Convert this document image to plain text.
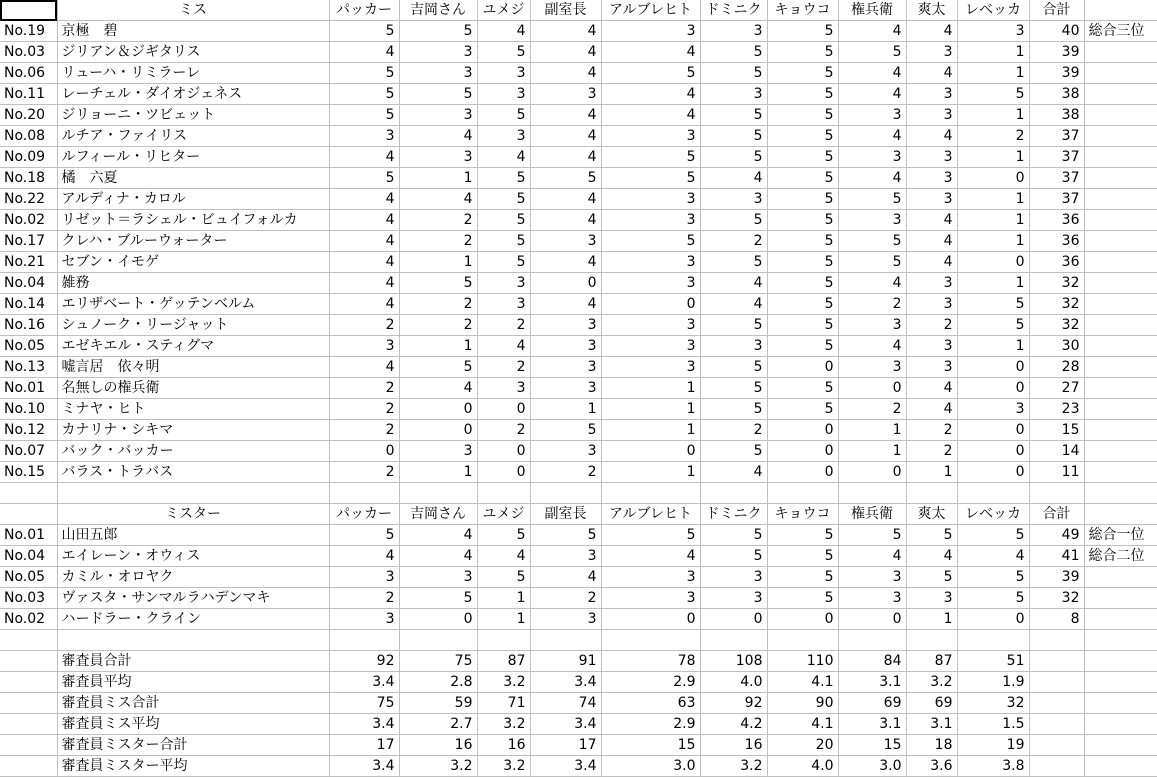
	ミス	パッカー	吉岡さん	ユメジ	副室長	アルブレヒト	ドミニク	キョウコ	権兵衛	爽太	レベッカ	合計	
No.19	京極　碧	5	5	4	4	3	3	5	4	4	3	40	総合三位
No.03	ジリアン＆ジギタリス	4	3	5	4	4	5	5	5	3	1	39	
No.06	リューハ・リミラーレ	5	3	3	4	5	5	5	4	4	1	39	
No.11	レーチェル・ダイオジェネス	5	5	3	3	4	3	5	4	3	5	38	
No.20	ジリョーニ・ツビェット	5	3	5	4	4	5	5	3	3	1	38	
No.08	ルチア・ファイリス	3	4	3	4	3	5	5	4	4	2	37	
No.09	ルフィール・リヒター	4	3	4	4	5	5	5	3	3	1	37	
No.18	橘　六夏	5	1	5	5	5	4	5	4	3	0	37	
No.22	アルディナ・カロル	4	4	5	4	3	3	5	5	3	1	37	
No.02	リゼット＝ラシェル・ビュイフォルカ	4	2	5	4	3	5	5	3	4	1	36	
No.17	クレハ・ブルーウォーター	4	2	5	3	5	2	5	5	4	1	36	
No.21	セブン・イモゲ	4	1	5	4	3	5	5	5	4	0	36	
No.04	雑務	4	5	3	0	3	4	5	4	3	1	32	
No.14	エリザベート・ゲッテンベルム	4	2	3	4	0	4	5	2	3	5	32	
No.16	シュノーク・リージャット	2	2	2	3	3	5	5	3	2	5	32	
No.05	エゼキエル・スティグマ	3	1	4	3	3	3	5	4	3	1	30	
No.13	嘘言居　依々明	4	5	2	3	3	5	0	3	3	0	28	
No.01	名無しの権兵衛	2	4	3	3	1	5	5	0	4	0	27	
No.10	ミナヤ・ヒト	2	0	0	1	1	5	5	2	4	3	23	
No.12	カナリナ・シキマ	2	0	2	5	1	2	0	1	2	0	15	
No.07	バック・バッカー	0	3	0	3	0	5	0	1	2	0	14	
No.15	バラス・トラバス	2	1	0	2	1	4	0	0	1	0	11	

	ミスター	パッカー	吉岡さん	ユメジ	副室長	アルブレヒト	ドミニク	キョウコ	権兵衛	爽太	レベッカ	合計	
No.01	山田五郎	5	4	5	5	5	5	5	5	5	5	49	総合一位
No.04	エイレーン・オウィス	4	4	4	3	4	5	5	4	4	4	41	総合二位
No.05	カミル・オロヤク	3	3	5	4	3	3	5	3	5	5	39	
No.03	ヴァスタ・サンマルラハデンマキ	2	5	1	2	3	3	5	3	3	5	32	
No.02	ハードラー・クライン	3	0	1	3	0	0	0	0	1	0	8	

	審査員合計	92	75	87	91	78	108	110	84	87	51		
	審査員平均	3.4	2.8	3.2	3.4	2.9	4.0	4.1	3.1	3.2	1.9		
	審査員ミス合計	75	59	71	74	63	92	90	69	69	32		
	審査員ミス平均	3.4	2.7	3.2	3.4	2.9	4.2	4.1	3.1	3.1	1.5		
	審査員ミスター合計	17	16	16	17	15	16	20	15	18	19		
	審査員ミスター平均	3.4	3.2	3.2	3.4	3.0	3.2	4.0	3.0	3.6	3.8		
